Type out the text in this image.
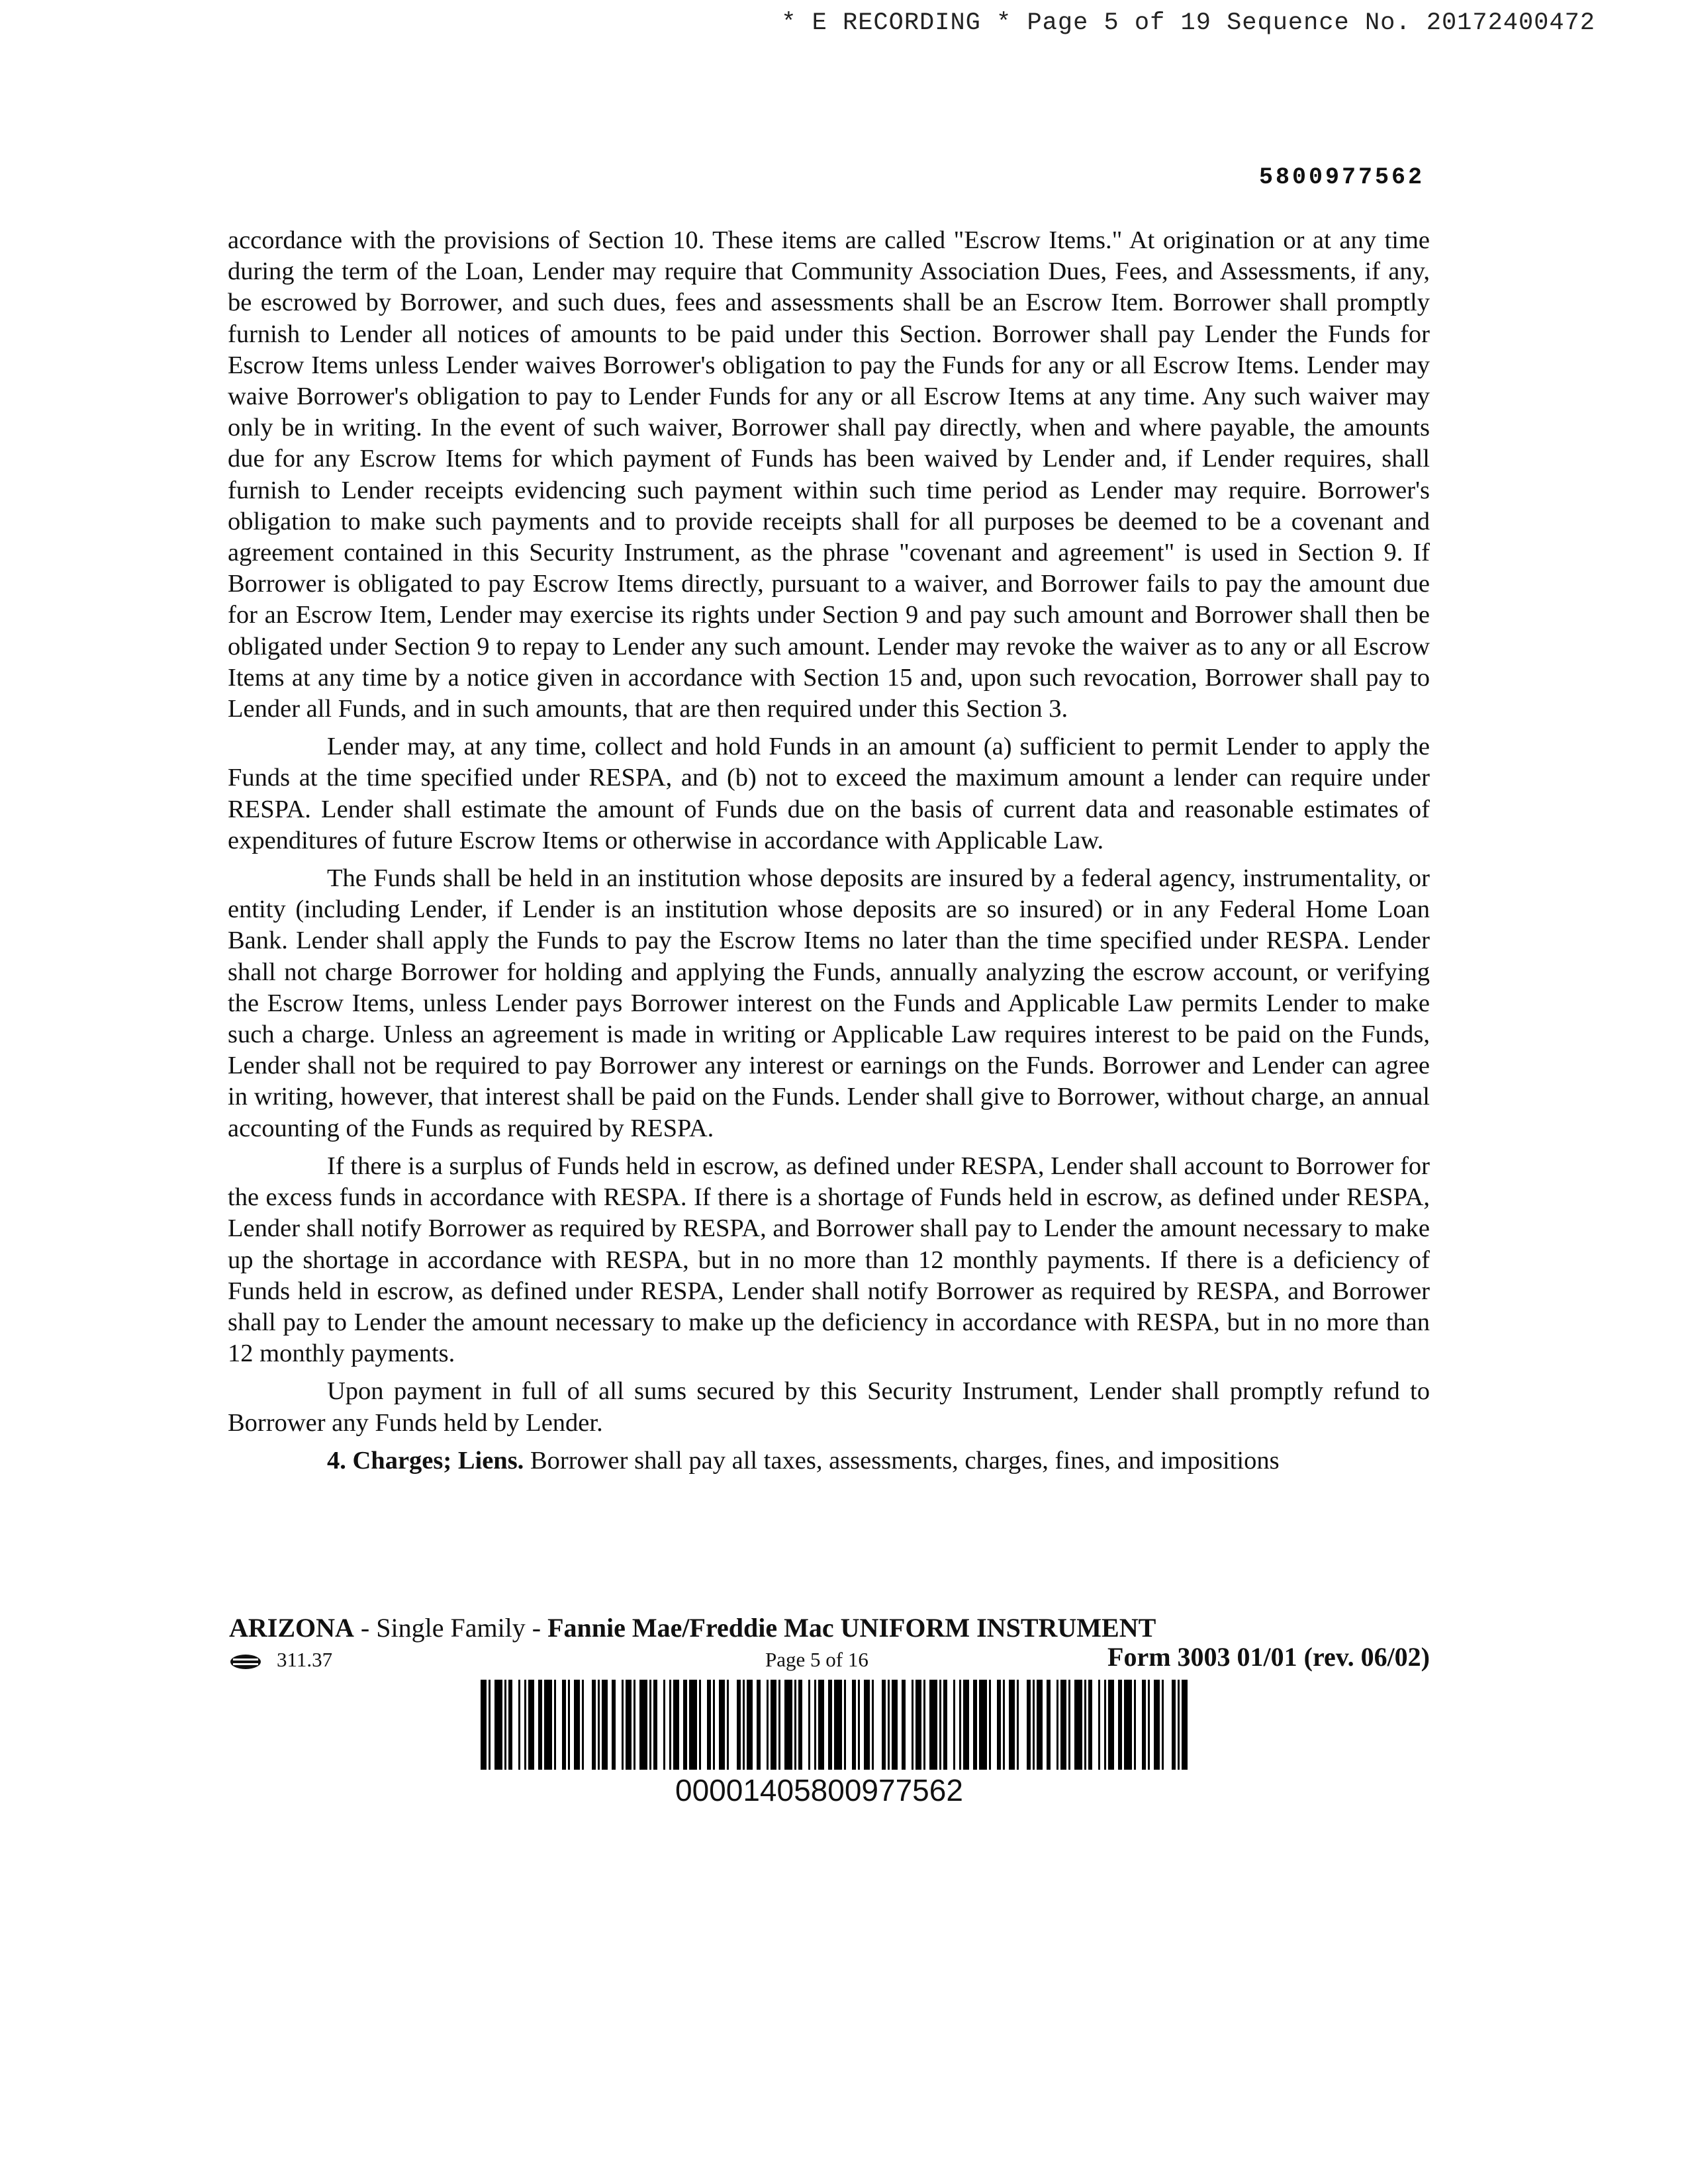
* E RECORDING * Page 5 of 19 Sequence No. 20172400472
5800977562

accordance with the provisions of Section 10. These items are called "Escrow Items." At origination or at any time during the term of the Loan, Lender may require that Community Association Dues, Fees, and Assessments, if any, be escrowed by Borrower, and such dues, fees and assessments shall be an Escrow Item. Borrower shall promptly furnish to Lender all notices of amounts to be paid under this Section. Borrower shall pay Lender the Funds for Escrow Items unless Lender waives Borrower's obligation to pay the Funds for any or all Escrow Items. Lender may waive Borrower's obligation to pay to Lender Funds for any or all Escrow Items at any time. Any such waiver may only be in writing. In the event of such waiver, Borrower shall pay directly, when and where payable, the amounts due for any Escrow Items for which payment of Funds has been waived by Lender and, if Lender requires, shall furnish to Lender receipts evidencing such payment within such time period as Lender may require. Borrower's obligation to make such payments and to provide receipts shall for all purposes be deemed to be a covenant and agreement contained in this Security Instrument, as the phrase "covenant and agreement" is used in Section 9. If Borrower is obligated to pay Escrow Items directly, pursuant to a waiver, and Borrower fails to pay the amount due for an Escrow Item, Lender may exercise its rights under Section 9 and pay such amount and Borrower shall then be obligated under Section 9 to repay to Lender any such amount. Lender may revoke the waiver as to any or all Escrow Items at any time by a notice given in accordance with Section 15 and, upon such revocation, Borrower shall pay to Lender all Funds, and in such amounts, that are then required under this Section 3.

Lender may, at any time, collect and hold Funds in an amount (a) sufficient to permit Lender to apply the Funds at the time specified under RESPA, and (b) not to exceed the maximum amount a lender can require under RESPA. Lender shall estimate the amount of Funds due on the basis of current data and reasonable estimates of expenditures of future Escrow Items or otherwise in accordance with Applicable Law.

The Funds shall be held in an institution whose deposits are insured by a federal agency, instrumentality, or entity (including Lender, if Lender is an institution whose deposits are so insured) or in any Federal Home Loan Bank. Lender shall apply the Funds to pay the Escrow Items no later than the time specified under RESPA. Lender shall not charge Borrower for holding and applying the Funds, annually analyzing the escrow account, or verifying the Escrow Items, unless Lender pays Borrower interest on the Funds and Applicable Law permits Lender to make such a charge. Unless an agreement is made in writing or Applicable Law requires interest to be paid on the Funds, Lender shall not be required to pay Borrower any interest or earnings on the Funds. Borrower and Lender can agree in writing, however, that interest shall be paid on the Funds. Lender shall give to Borrower, without charge, an annual accounting of the Funds as required by RESPA.

If there is a surplus of Funds held in escrow, as defined under RESPA, Lender shall account to Borrower for the excess funds in accordance with RESPA. If there is a shortage of Funds held in escrow, as defined under RESPA, Lender shall notify Borrower as required by RESPA, and Borrower shall pay to Lender the amount necessary to make up the shortage in accordance with RESPA, but in no more than 12 monthly payments. If there is a deficiency of Funds held in escrow, as defined under RESPA, Lender shall notify Borrower as required by RESPA, and Borrower shall pay to Lender the amount necessary to make up the deficiency in accordance with RESPA, but in no more than 12 monthly payments.

Upon payment in full of all sums secured by this Security Instrument, Lender shall promptly refund to Borrower any Funds held by Lender.

4. Charges; Liens. Borrower shall pay all taxes, assessments, charges, fines, and impositions

ARIZONA - Single Family - Fannie Mae/Freddie Mac UNIFORM INSTRUMENT
311.37	Page 5 of 16	Form 3003 01/01 (rev. 06/02)
00001405800977562
